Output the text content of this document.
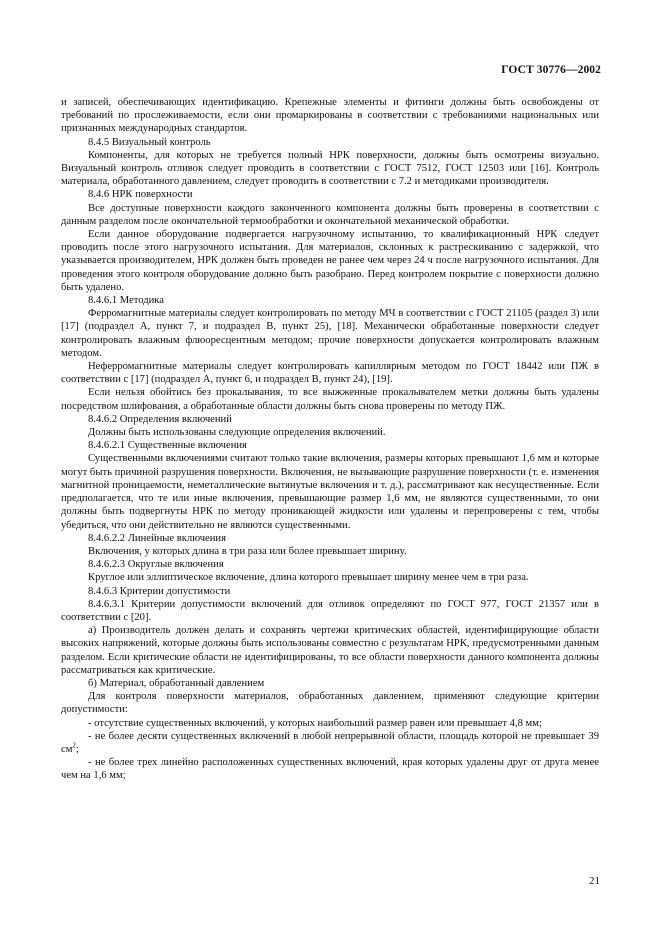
ГОСТ 30776—2002

и записей, обеспечивающих идентификацию. Крепежные элементы и фитинги должны быть освобождены от требований по прослеживаемости, если они промаркированы в соответствии с требованиями национальных или признанных международных стандартов.

8.4.5 Визуальный контроль

Компоненты, для которых не требуется полный НРК поверхности, должны быть осмотрены визуально. Визуальный контроль отливок следует проводить в соответствии с ГОСТ 7512, ГОСТ 12503 или [16]. Контроль материала, обработанного давлением, следует проводить в соответствии с 7.2 и методиками производителя.

8.4.6 НРК поверхности

Все доступные поверхности каждого законченного компонента должны быть проверены в соответствии с данным разделом после окончательной термообработки и окончательной механической обработки.

Если данное оборудование подвергается нагрузочному испытанию, то квалификационный НРК следует проводить после этого нагрузочного испытания. Для материалов, склонных к растрескиванию с задержкой, что указывается производителем, НРК должен быть проведен не ранее чем через 24 ч после нагрузочного испытания. Для проведения этого контроля оборудование должно быть разобрано. Перед контролем покрытие с поверхности должно быть удалено.

8.4.6.1 Методика

Ферромагнитные материалы следует контролировать по методу МЧ в соответствии с ГОСТ 21105 (раздел 3) или [17] (подраздел А, пункт 7, и подраздел В, пункт 25), [18]. Механически обработанные поверхности следует контролировать влажным флюоресцентным методом; прочие поверхности допускается контролировать влажным методом.

Неферромагнитные материалы следует контролировать капиллярным методом по ГОСТ 18442 или ПЖ в соответствии с [17] (подраздел А, пункт 6, и подраздел В, пункт 24), [19].

Если нельзя обойтись без прокалывания, то все выжженные прокалывателем метки должны быть удалены посредством шлифования, а обработанные области должны быть снова проверены по методу ПЖ.

8.4.6.2 Определения включений

Должны быть использованы следующие определения включений.

8.4.6.2.1 Существенные включения

Существенными включениями считают только такие включения, размеры которых превышают 1,6 мм и которые могут быть причиной разрушения поверхности. Включения, не вызывающие разрушение поверхности (т. е. изменения магнитной проницаемости, неметаллические вытянутые включения и т. д.), рассматривают как несущественные. Если предполагается, что те или иные включения, превышающие размер 1,6 мм, не являются существенными, то они должны быть подвергнуты НРК по методу проникающей жидкости или удалены и перепроверены с тем, чтобы убедиться, что они действительно не являются существенными.

8.4.6.2.2 Линейные включения

Включения, у которых длина в три раза или более превышает ширину.

8.4.6.2.3 Округлые включения

Круглое или эллиптическое включение, длина которого превышает ширину менее чем в три раза.

8.4.6.3 Критерии допустимости

8.4.6.3.1 Критерии допустимости включений для отливок определяют по ГОСТ 977, ГОСТ 21357 или в соответствии с [20].

а) Производитель должен делать и сохранять чертежи критических областей, идентифицирующие области высоких напряжений, которые должны быть использованы совместно с результатам НРК, предусмотренными данным разделом. Если критические области не идентифицированы, то все области поверхности данного компонента должны рассматриваться как критические.

б) Материал, обработанный давлением

Для контроля поверхности материалов, обработанных давлением, применяют следующие критерии допустимости:

- отсутствие существенных включений, у которых наибольший размер равен или превышает 4,8 мм;

- не более десяти существенных включений в любой непрерывной области, площадь которой не превышает 39 $см^2$;

- не более трех линейно расположенных существенных включений, края которых удалены друг от друга менее чем на 1,6 мм;

21
